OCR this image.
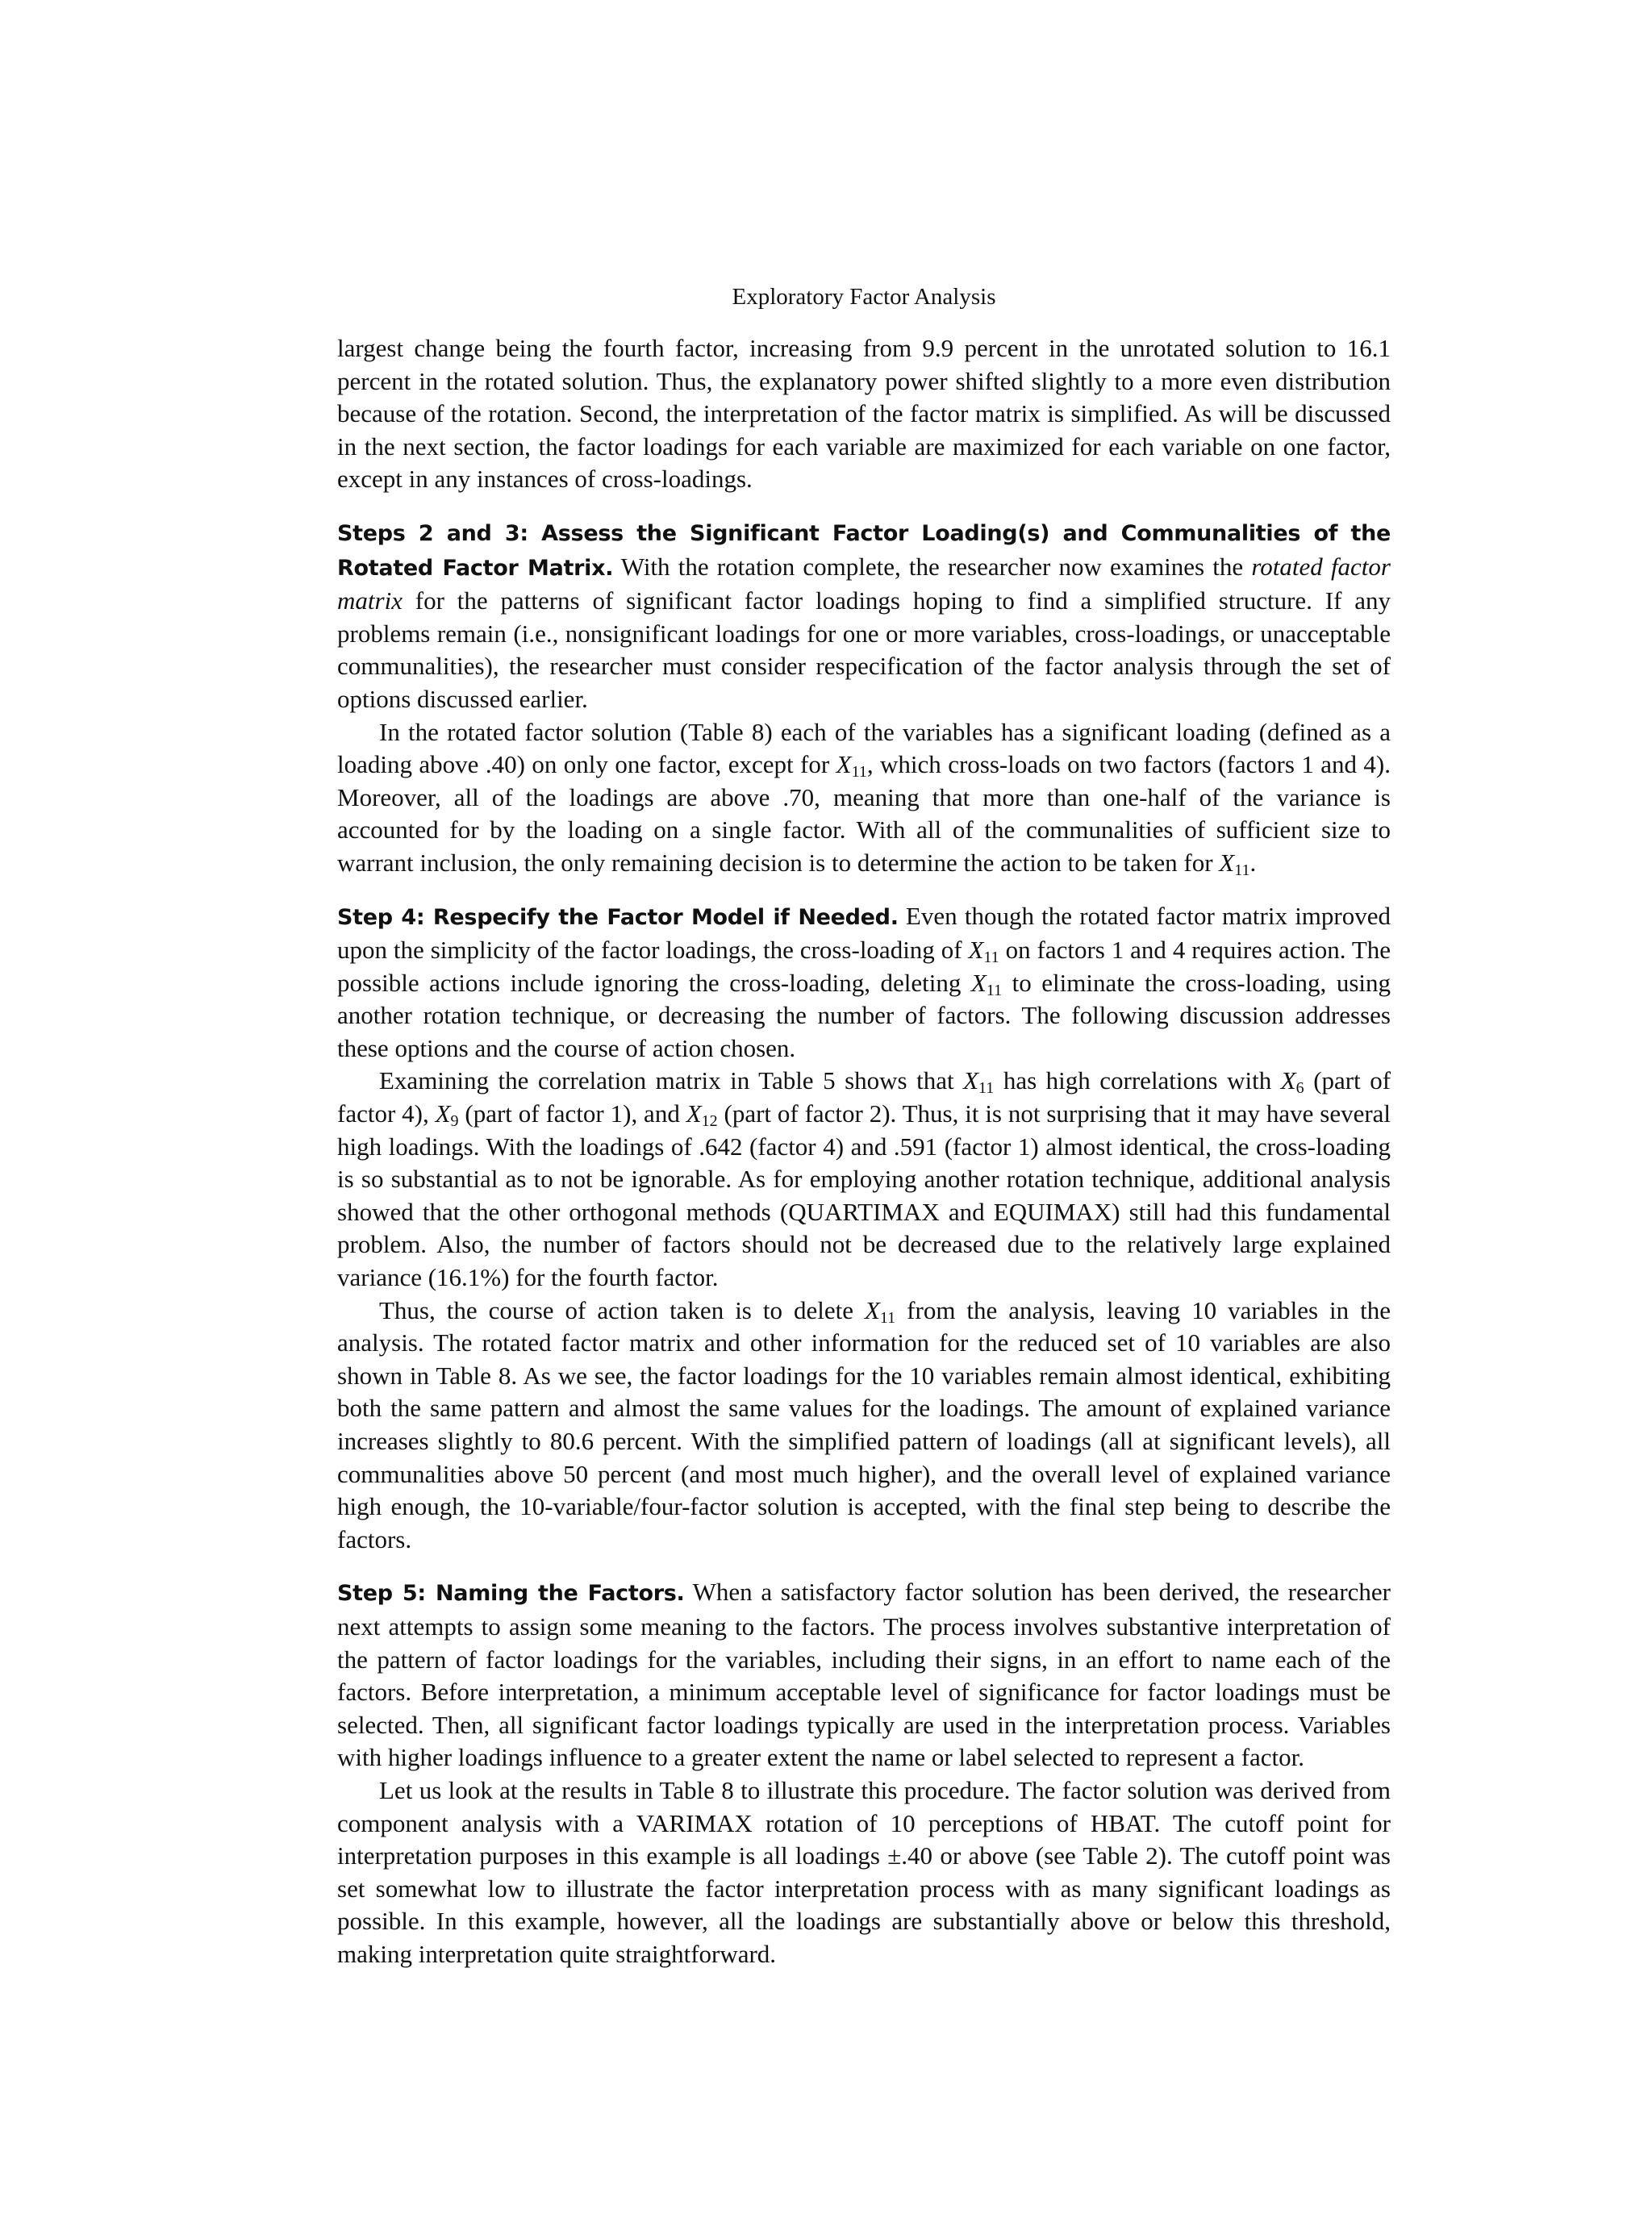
Exploratory Factor Analysis

largest change being the fourth factor, increasing from 9.9 percent in the unrotated solution to 16.1 percent in the rotated solution. Thus, the explanatory power shifted slightly to a more even distribution because of the rotation. Second, the interpretation of the factor matrix is simplified. As will be discussed in the next section, the factor loadings for each variable are maximized for each variable on one factor, except in any instances of cross-loadings.

Steps 2 and 3: Assess the Significant Factor Loading(s) and Communalities of the Rotated Factor Matrix. With the rotation complete, the researcher now examines the rotated factor matrix for the patterns of significant factor loadings hoping to find a simplified structure. If any problems remain (i.e., nonsignificant loadings for one or more variables, cross-loadings, or unacceptable communalities), the researcher must consider respecification of the factor analysis through the set of options discussed earlier.

In the rotated factor solution (Table 8) each of the variables has a significant loading (defined as a loading above .40) on only one factor, except for $X_{11}$, which cross-loads on two factors (factors 1 and 4). Moreover, all of the loadings are above .70, meaning that more than one-half of the variance is accounted for by the loading on a single factor. With all of the communalities of sufficient size to warrant inclusion, the only remaining decision is to determine the action to be taken for $X_{11}$.

Step 4: Respecify the Factor Model if Needed. Even though the rotated factor matrix improved upon the simplicity of the factor loadings, the cross-loading of $X_{11}$ on factors 1 and 4 requires action. The possible actions include ignoring the cross-loading, deleting $X_{11}$ to eliminate the cross-loading, using another rotation technique, or decreasing the number of factors. The following discussion addresses these options and the course of action chosen.

Examining the correlation matrix in Table 5 shows that $X_{11}$ has high correlations with $X_6$ (part of factor 4), $X_9$ (part of factor 1), and $X_{12}$ (part of factor 2). Thus, it is not surprising that it may have several high loadings. With the loadings of .642 (factor 4) and .591 (factor 1) almost identical, the cross-loading is so substantial as to not be ignorable. As for employing another rotation technique, additional analysis showed that the other orthogonal methods (QUARTIMAX and EQUIMAX) still had this fundamental problem. Also, the number of factors should not be decreased due to the relatively large explained variance (16.1%) for the fourth factor.

Thus, the course of action taken is to delete $X_{11}$ from the analysis, leaving 10 variables in the analysis. The rotated factor matrix and other information for the reduced set of 10 variables are also shown in Table 8. As we see, the factor loadings for the 10 variables remain almost identical, exhibiting both the same pattern and almost the same values for the loadings. The amount of explained variance increases slightly to 80.6 percent. With the simplified pattern of loadings (all at significant levels), all communalities above 50 percent (and most much higher), and the overall level of explained variance high enough, the 10-variable/four-factor solution is accepted, with the final step being to describe the factors.

Step 5: Naming the Factors. When a satisfactory factor solution has been derived, the researcher next attempts to assign some meaning to the factors. The process involves substantive interpretation of the pattern of factor loadings for the variables, including their signs, in an effort to name each of the factors. Before interpretation, a minimum acceptable level of significance for factor loadings must be selected. Then, all significant factor loadings typically are used in the interpretation process. Variables with higher loadings influence to a greater extent the name or label selected to represent a factor.

Let us look at the results in Table 8 to illustrate this procedure. The factor solution was derived from component analysis with a VARIMAX rotation of 10 perceptions of HBAT. The cutoff point for interpretation purposes in this example is all loadings ±.40 or above (see Table 2). The cutoff point was set somewhat low to illustrate the factor interpretation process with as many significant loadings as possible. In this example, however, all the loadings are substantially above or below this threshold, making interpretation quite straightforward.
